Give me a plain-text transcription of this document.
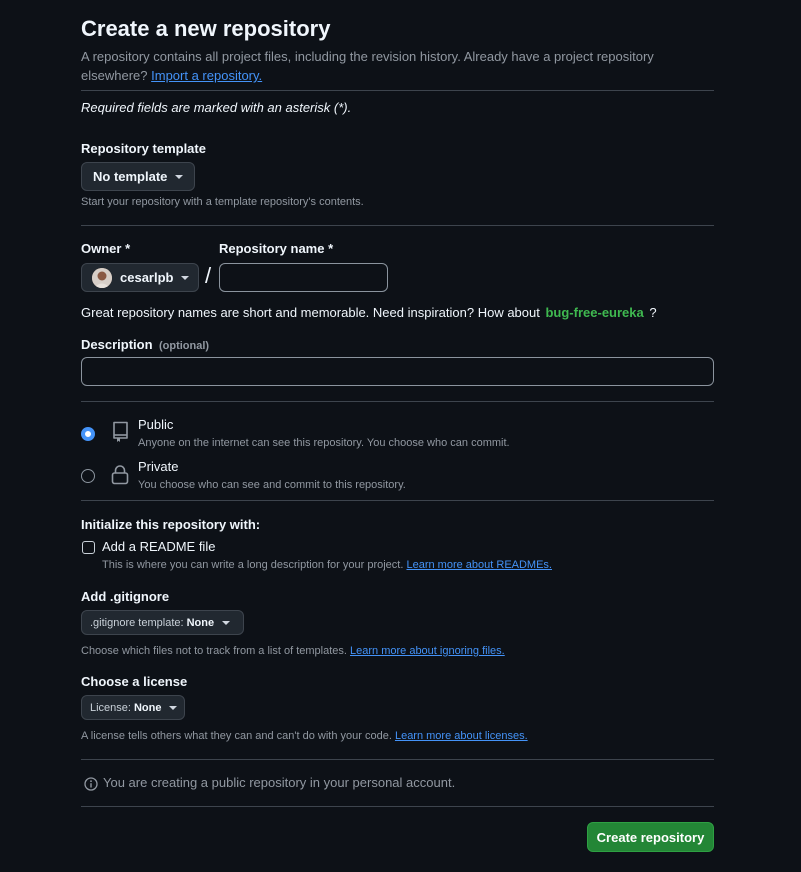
Create a new repository
A repository contains all project files, including the revision history. Already have a project repository
elsewhere? Import a repository.
Required fields are marked with an asterisk (*).
Repository template
No template
Start your repository with a template repository's contents.
Owner *	Repository name *
cesarlpb /
Great repository names are short and memorable. Need inspiration? How about bug-free-eureka ?
Description (optional)
Public
Anyone on the internet can see this repository. You choose who can commit.
Private
You choose who can see and commit to this repository.
Initialize this repository with:
Add a README file
This is where you can write a long description for your project. Learn more about READMEs.
Add .gitignore
.gitignore template: None
Choose which files not to track from a list of templates. Learn more about ignoring files.
Choose a license
License: None
A license tells others what they can and can't do with your code. Learn more about licenses.
You are creating a public repository in your personal account.
Create repository
